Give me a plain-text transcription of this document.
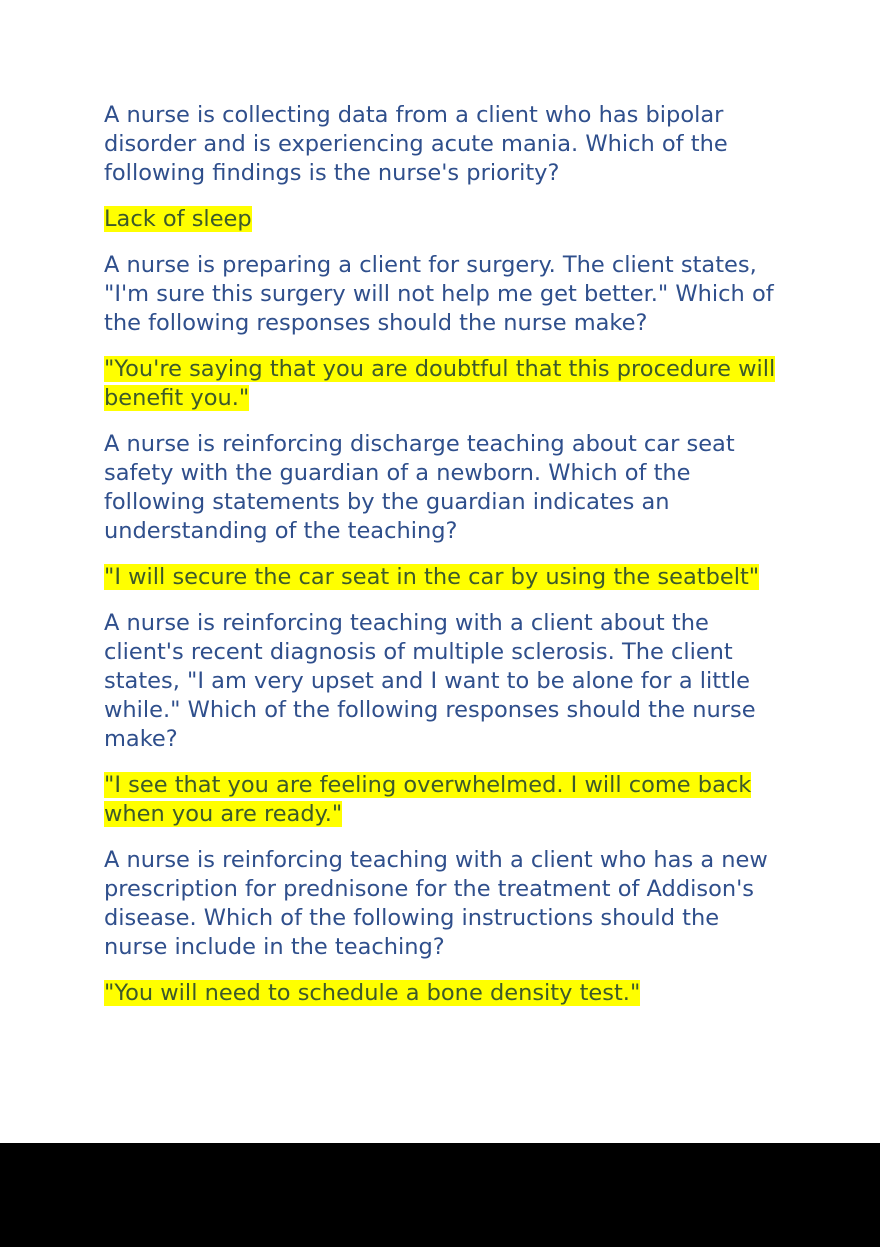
A nurse is collecting data from a client who has bipolar disorder and is experiencing acute mania. Which of the following findings is the nurse's priority?

Lack of sleep

A nurse is preparing a client for surgery. The client states, "I'm sure this surgery will not help me get better." Which of the following responses should the nurse make?

"You're saying that you are doubtful that this procedure will benefit you."

A nurse is reinforcing discharge teaching about car seat safety with the guardian of a newborn. Which of the following statements by the guardian indicates an understanding of the teaching?

"I will secure the car seat in the car by using the seatbelt"

A nurse is reinforcing teaching with a client about the client's recent diagnosis of multiple sclerosis. The client states, "I am very upset and I want to be alone for a little while." Which of the following responses should the nurse make?

"I see that you are feeling overwhelmed. I will come back when you are ready."

A nurse is reinforcing teaching with a client who has a new prescription for prednisone for the treatment of Addison's disease. Which of the following instructions should the nurse include in the teaching?

"You will need to schedule a bone density test."
